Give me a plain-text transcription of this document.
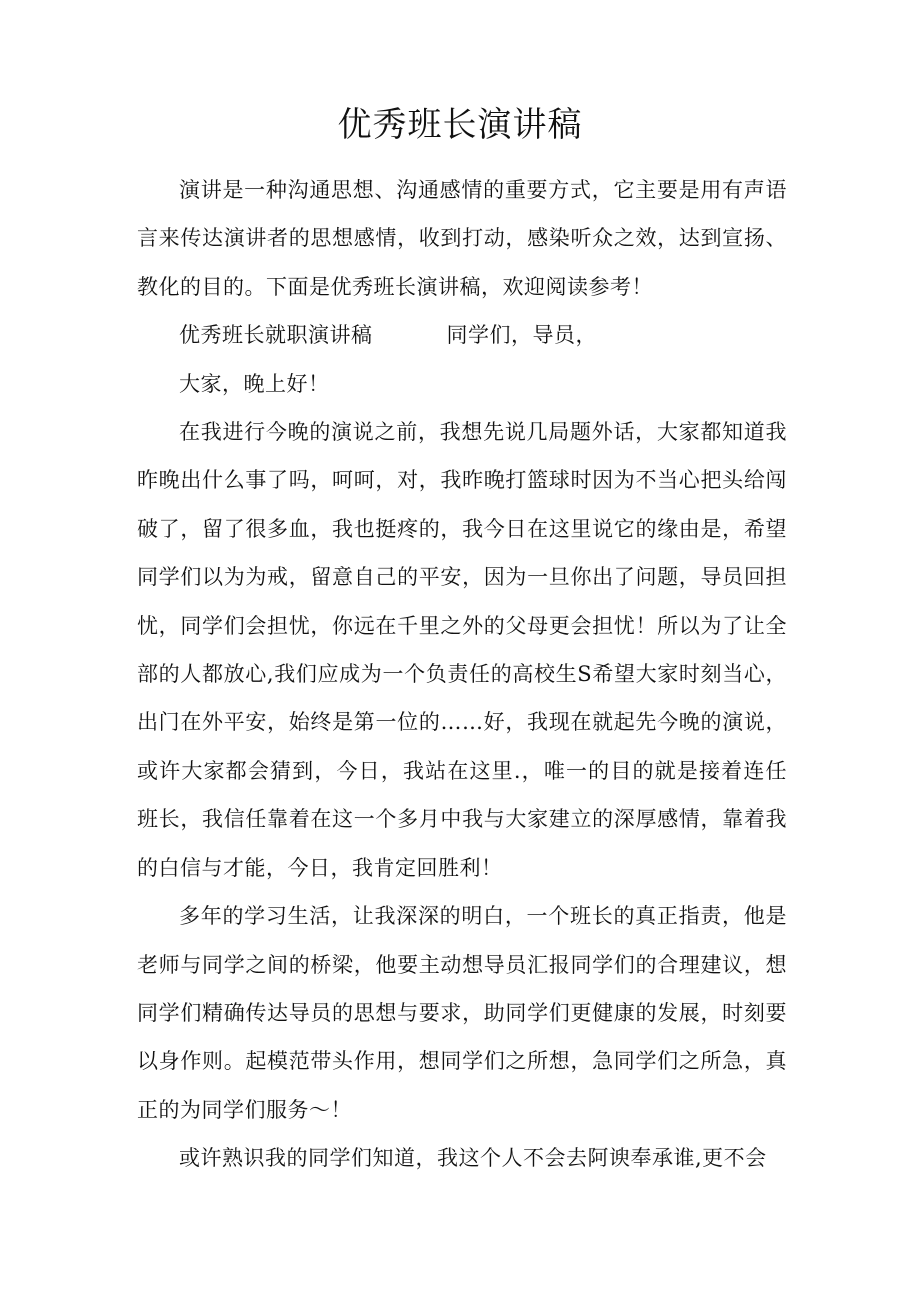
优秀班长演讲稿

演讲是一种沟通思想、沟通感情的重要方式，它主要是用有声语言来传达演讲者的思想感情，收到打动，感染听众之效，达到宣扬、教化的目的。下面是优秀班长演讲稿，欢迎阅读参考！

优秀班长就职演讲稿	同学们，导员，

大家，晚上好！

在我进行今晚的演说之前，我想先说几局题外话，大家都知道我昨晚出什么事了吗，呵呵，对，我昨晚打篮球时因为不当心把头给闯破了，留了很多血，我也挺疼的，我今日在这里说它的缘由是，希望同学们以为为戒，留意自己的平安，因为一旦你出了问题，导员回担忧，同学们会担忧，你远在千里之外的父母更会担忧！所以为了让全部的人都放心,我们应成为一个负责任的高校生S希望大家时刻当心，出门在外平安，始终是第一位的……好，我现在就起先今晚的演说，或许大家都会猜到，今日，我站在这里.，唯一的目的就是接着连任班长，我信任靠着在这一个多月中我与大家建立的深厚感情，靠着我的白信与才能，今日，我肯定回胜利！

多年的学习生活，让我深深的明白，一个班长的真正指责，他是老师与同学之间的桥梁，他要主动想导员汇报同学们的合理建议，想同学们精确传达导员的思想与要求，助同学们更健康的发展，时刻要以身作则。起模范带头作用，想同学们之所想，急同学们之所急，真正的为同学们服务～！

或许熟识我的同学们知道，我这个人不会去阿谀奉承谁,更不会
